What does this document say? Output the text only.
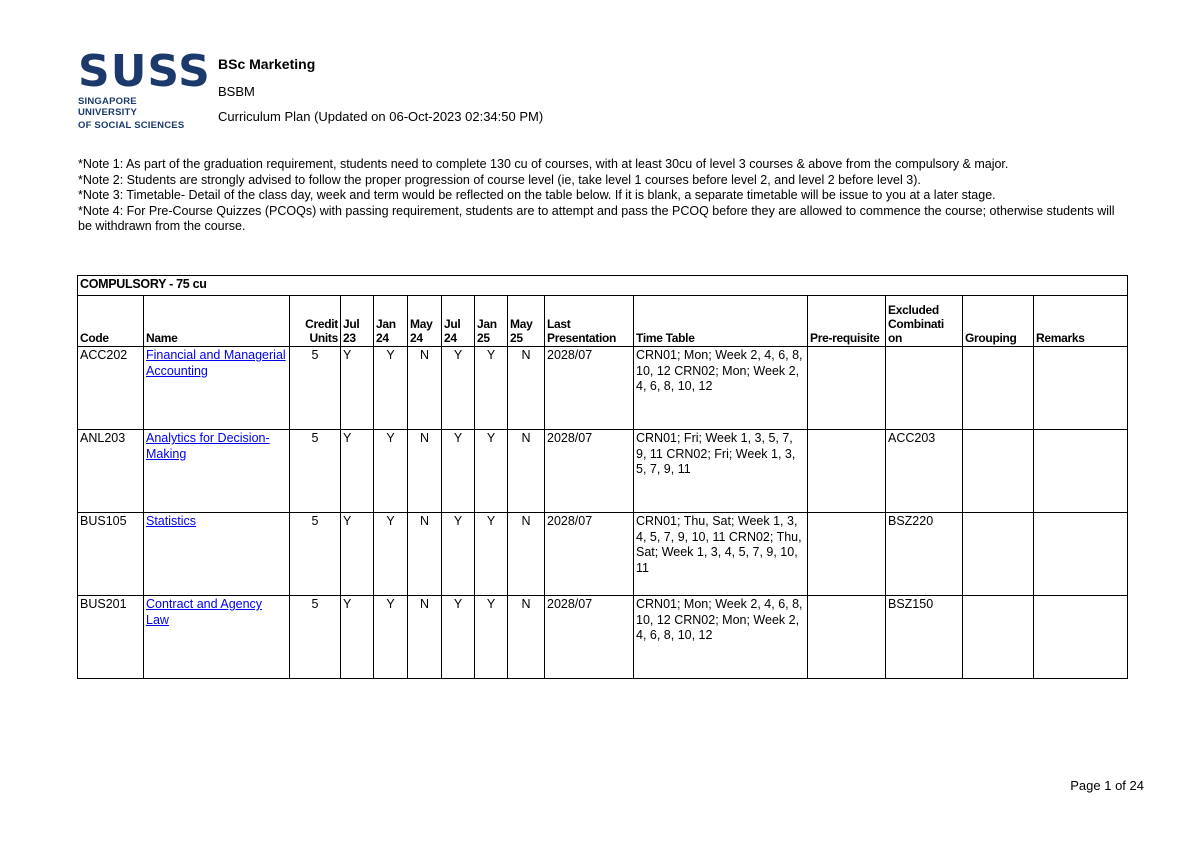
SUSS
SINGAPORE UNIVERSITY
OF SOCIAL SCIENCES
BSc Marketing
BSBM
Curriculum Plan (Updated on 06-Oct-2023 02:34:50 PM)
*Note 1: As part of the graduation requirement, students need to complete 130 cu of courses, with at least 30cu of level 3 courses & above from the compulsory & major.
*Note 2: Students are strongly advised to follow the proper progression of course level (ie, take level 1 courses before level 2, and level 2 before level 3).
*Note 3: Timetable- Detail of the class day, week and term would be reflected on the table below. If it is blank, a separate timetable will be issue to you at a later stage.
*Note 4: For Pre-Course Quizzes (PCOQs) with passing requirement, students are to attempt and pass the PCOQ before they are allowed to commence the course; otherwise students will be withdrawn from the course.
COMPULSORY - 75 cu														
Code	Name	Credit Units	Jul 23	Jan 24	May 24	Jul 24	Jan 25	May 25	Last Presentation	Time Table	Pre-requisite	Excluded Combinati on	Grouping	Remarks
ACC202	Financial and Managerial Accounting	5	Y	Y	N	Y	Y	N	2028/07	CRN01; Mon; Week 2, 4, 6, 8, 10, 12 CRN02; Mon; Week 2, 4, 6, 8, 10, 12				
ANL203	Analytics for Decision-Making	5	Y	Y	N	Y	Y	N	2028/07	CRN01; Fri; Week 1, 3, 5, 7, 9, 11 CRN02; Fri; Week 1, 3, 5, 7, 9, 11		ACC203		
BUS105	Statistics	5	Y	Y	N	Y	Y	N	2028/07	CRN01; Thu, Sat; Week 1, 3, 4, 5, 7, 9, 10, 11 CRN02; Thu, Sat; Week 1, 3, 4, 5, 7, 9, 10, 11		BSZ220		
BUS201	Contract and Agency Law	5	Y	Y	N	Y	Y	N	2028/07	CRN01; Mon; Week 2, 4, 6, 8, 10, 12 CRN02; Mon; Week 2, 4, 6, 8, 10, 12		BSZ150		
Page 1 of 24
